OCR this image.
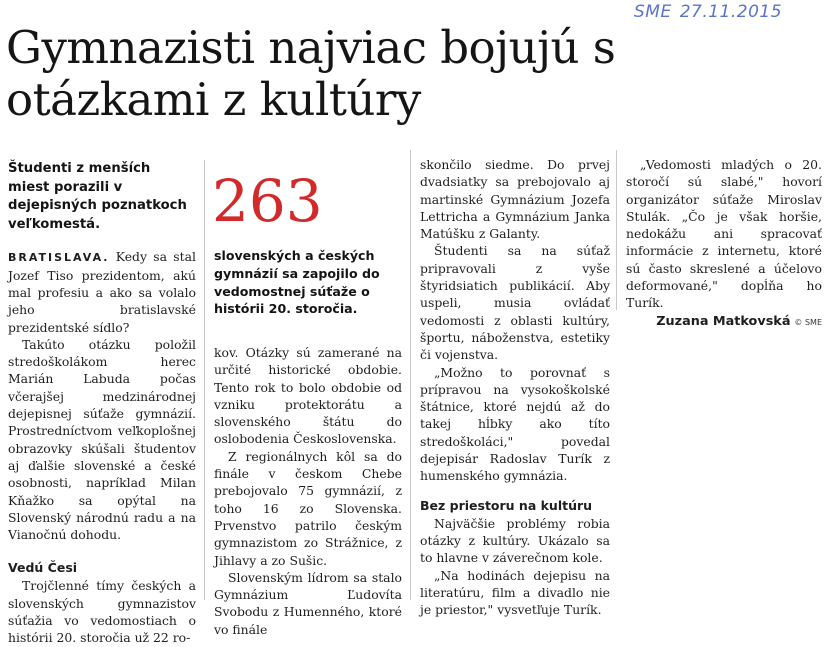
SME 27.11.2015
Gymnazisti najviac bojujú s otázkami z kultúry
Študenti z menších miest porazili v dejepisných poznatkoch veľkomestá.

BRATISLAVA. Kedy sa stal Jozef Tiso prezidentom, akú mal profesiu a ako sa volalo jeho bratislavské prezidentské sídlo?

Takúto otázku položil stredoškolákom herec Marián Labuda počas včerajšej medzinárodnej dejepisnej súťaže gymnázií. Prostredníctvom veľkoplošnej obrazovky skúšali študentov aj ďalšie slovenské a české osobnosti, napríklad Milan Kňažko sa opýtal na Slovenský národnú radu a na Vianočnú dohodu.

Vedú Česi

Trojčlenné tímy českých a slovenských gymnazistov súťažia vo vedomostiach o histórii 20. storočia už 22 ro-

263
slovenských a českých gymnázií sa zapojilo do vedomostnej súťaže o histórii 20. storočia.

kov. Otázky sú zamerané na určité historické obdobie. Tento rok to bolo obdobie od vzniku protektorátu a slovenského štátu do oslobodenia Československa.

Z regionálnych kôl sa do finále v českom Chebe prebojovalo 75 gymnázií, z toho 16 zo Slovenska. Prvenstvo patrilo českým gymnazistom zo Strážnice, z Jihlavy a zo Sušic.

Slovenským lídrom sa stalo Gymnázium Ľudovíta Svobodu z Humenného, ktoré vo finále

skončilo siedme. Do prvej dvadsiatky sa prebojovalo aj martinské Gymnázium Jozefa Lettricha a Gymnázium Janka Matúšku z Galanty.

Študenti sa na súťaž pripravovali z vyše štyridsiatich publikácií. Aby uspeli, musia ovládať vedomosti z oblasti kultúry, športu, náboženstva, estetiky či vojenstva.

„Možno to porovnať s prípravou na vysokoškolské štátnice, ktoré nejdú až do takej hĺbky ako títo stredoškoláci," povedal dejepisár Radoslav Turík z humenského gymnázia.

Bez priestoru na kultúru

Najväčšie problémy robia otázky z kultúry. Ukázalo sa to hlavne v záverečnom kole.

„Na hodinách dejepisu na literatúru, film a divadlo nie je priestor," vysvetľuje Turík.

„Vedomosti mladých o 20. storočí sú slabé," hovorí organizátor súťaže Miroslav Stulák. „Čo je však horšie, nedokážu ani spracovať informácie z internetu, ktoré sú často skreslené a účelovo deformované," dopĺňa ho Turík.

Zuzana Matkovská © SME
